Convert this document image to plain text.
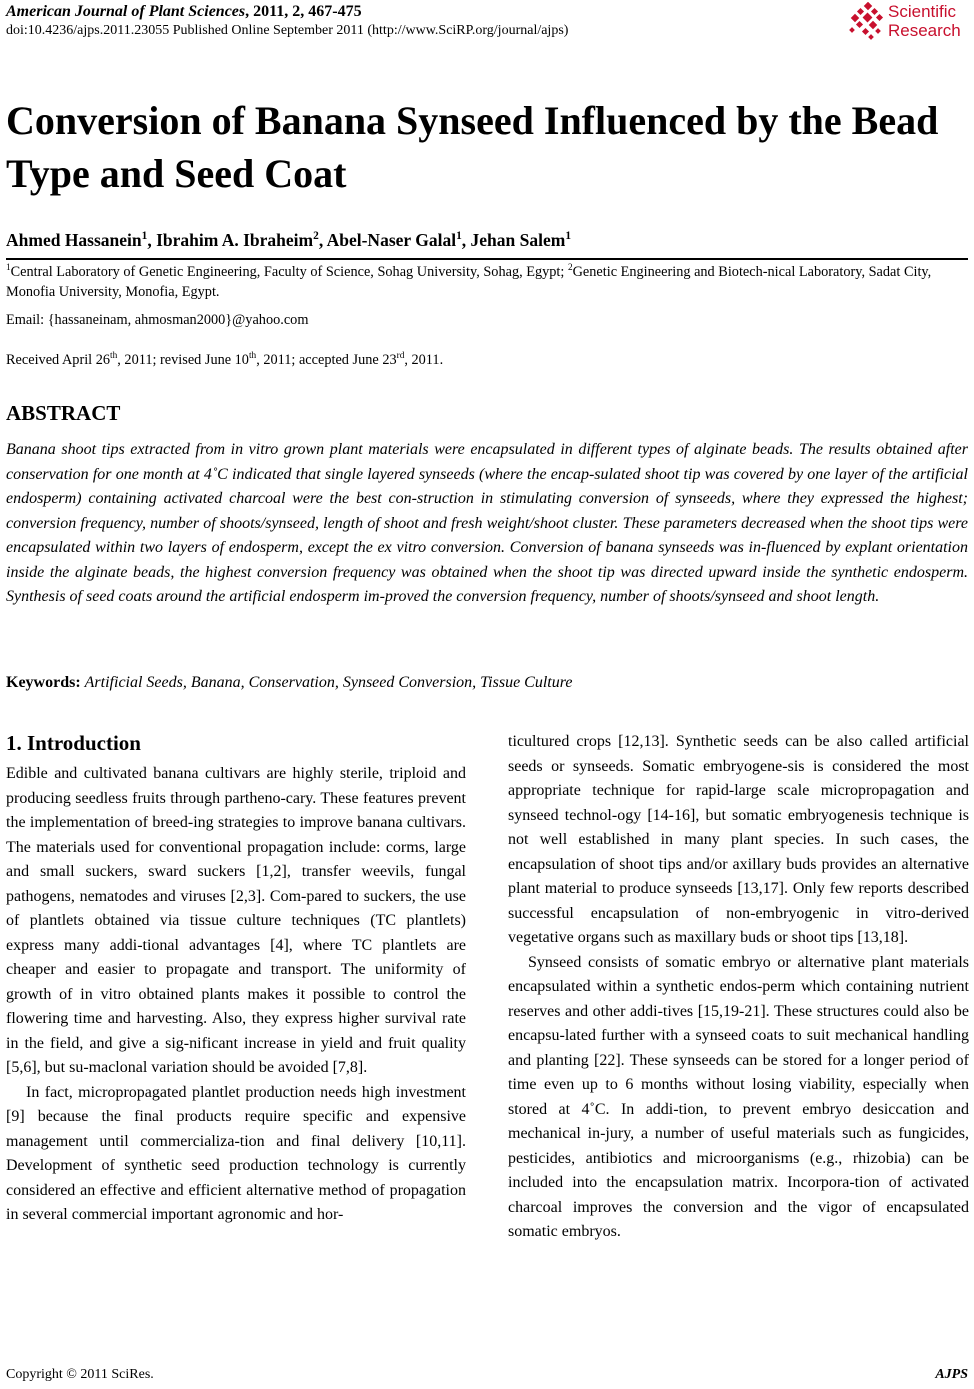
American Journal of Plant Sciences, 2011, 2, 467-475
doi:10.4236/ajps.2011.23055 Published Online September 2011 (http://www.SciRP.org/journal/ajps)
Scientific
Research
Conversion of Banana Synseed Influenced by the Bead Type and Seed Coat
Ahmed Hassanein$^1$, Ibrahim A. Ibraheim$^2$, Abel-Naser Galal$^1$, Jehan Salem$^1$
$^1$Central Laboratory of Genetic Engineering, Faculty of Science, Sohag University, Sohag, Egypt; $^2$Genetic Engineering and Biotech-nical Laboratory, Sadat City, Monofia University, Monofia, Egypt.
Email: {hassaneinam, ahmosman2000}@yahoo.com
Received April 26th, 2011; revised June 10th, 2011; accepted June 23rd, 2011.
ABSTRACT

Banana shoot tips extracted from in vitro grown plant materials were encapsulated in different types of alginate beads. The results obtained after conservation for one month at 4˚C indicated that single layered synseeds (where the encap-sulated shoot tip was covered by one layer of the artificial endosperm) containing activated charcoal were the best con-struction in stimulating conversion of synseeds, where they expressed the highest; conversion frequency, number of shoots/synseed, length of shoot and fresh weight/shoot cluster. These parameters decreased when the shoot tips were encapsulated within two layers of endosperm, except the ex vitro conversion. Conversion of banana synseeds was in-fluenced by explant orientation inside the alginate beads, the highest conversion frequency was obtained when the shoot tip was directed upward inside the synthetic endosperm. Synthesis of seed coats around the artificial endosperm im-proved the conversion frequency, number of shoots/synseed and shoot length.

Keywords: Artificial Seeds, Banana, Conservation, Synseed Conversion, Tissue Culture
1. Introduction

Edible and cultivated banana cultivars are highly sterile, triploid and producing seedless fruits through partheno-cary. These features prevent the implementation of breed-ing strategies to improve banana cultivars. The materials used for conventional propagation include: corms, large and small suckers, sward suckers [1,2], transfer weevils, fungal pathogens, nematodes and viruses [2,3]. Com-pared to suckers, the use of plantlets obtained via tissue culture techniques (TC plantlets) express many addi-tional advantages [4], where TC plantlets are cheaper and easier to propagate and transport. The uniformity of growth of in vitro obtained plants makes it possible to control the flowering time and harvesting. Also, they express higher survival rate in the field, and give a sig-nificant increase in yield and fruit quality [5,6], but su-maclonal variation should be avoided [7,8].

In fact, micropropagated plantlet production needs high investment [9] because the final products require specific and expensive management until commercializa-tion and final delivery [10,11]. Development of synthetic seed production technology is currently considered an effective and efficient alternative method of propagation in several commercial important agronomic and hor-

ticultured crops [12,13]. Synthetic seeds can be also called artificial seeds or synseeds. Somatic embryogene-sis is considered the most appropriate technique for rapid-large scale micropropagation and synseed technol-ogy [14-16], but somatic embryogenesis technique is not well established in many plant species. In such cases, the encapsulation of shoot tips and/or axillary buds provides an alternative plant material to produce synseeds [13,17]. Only few reports described successful encapsulation of non-embryogenic in vitro-derived vegetative organs such as maxillary buds or shoot tips [13,18].

Synseed consists of somatic embryo or alternative plant materials encapsulated within a synthetic endos-perm which containing nutrient reserves and other addi-tives [15,19-21]. These structures could also be encapsu-lated further with a synseed coats to suit mechanical handling and planting [22]. These synseeds can be stored for a longer period of time even up to 6 months without losing viability, especially when stored at 4˚C. In addi-tion, to prevent embryo desiccation and mechanical in-jury, a number of useful materials such as fungicides, pesticides, antibiotics and microorganisms (e.g., rhizobia) can be included into the encapsulation matrix. Incorpora-tion of activated charcoal improves the conversion and the vigor of encapsulated somatic embryos.

Copyright © 2011 SciRes.	AJPS
